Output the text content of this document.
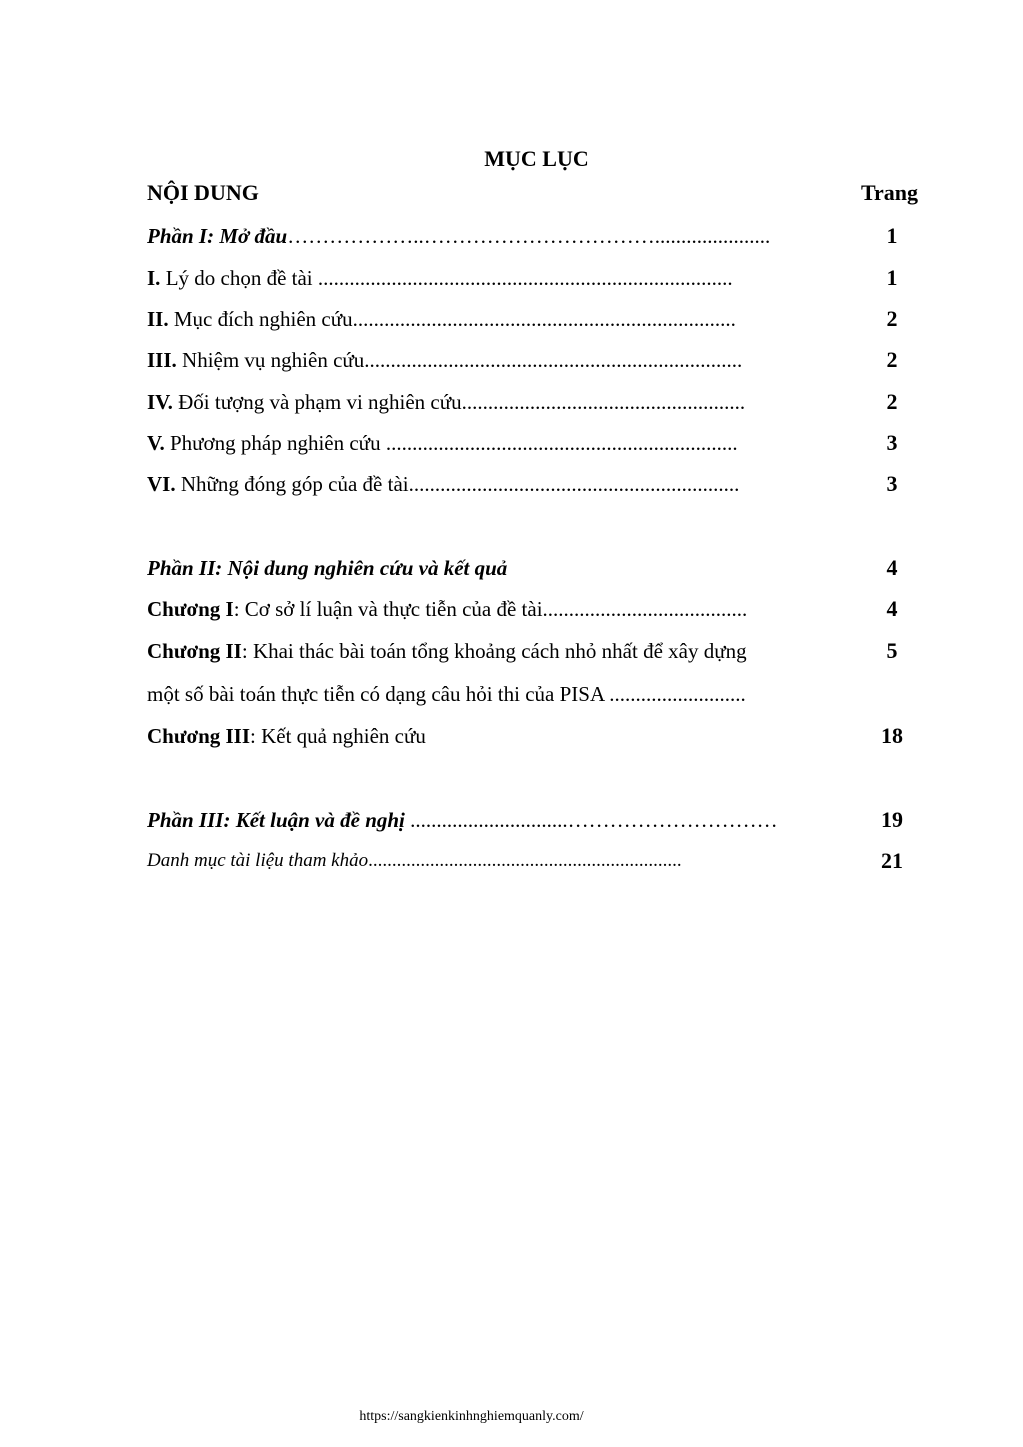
MỤC LỤC
NỘI DUNG	Trang
Phần I: Mở đầu………………..……………………………......................	1
I. Lý do chọn đề tài ...............................................................................	1
II. Mục đích nghiên cứu.........................................................................	2
III. Nhiệm vụ nghiên cứu........................................................................	2
IV. Đối tượng và phạm vi nghiên cứu......................................................	2
V. Phương pháp nghiên cứu ...................................................................	3
VI. Những đóng góp của đề tài...............................................................	3
Phần II: Nội dung nghiên cứu và kết quả	4
Chương I: Cơ sở lí luận và thực tiễn của đề tài.......................................	4
Chương II: Khai thác bài toán tổng khoảng cách nhỏ nhất để xây dựng	5
một số bài toán thực tiễn có dạng câu hỏi thi của PISA ..........................
Chương III: Kết quả nghiên cứu	18
Phần III: Kết luận và đề nghị ..............................…………………………	19
Danh mục tài liệu tham khảo..................................................................	21
https://sangkienkinhnghiemquanly.com/
